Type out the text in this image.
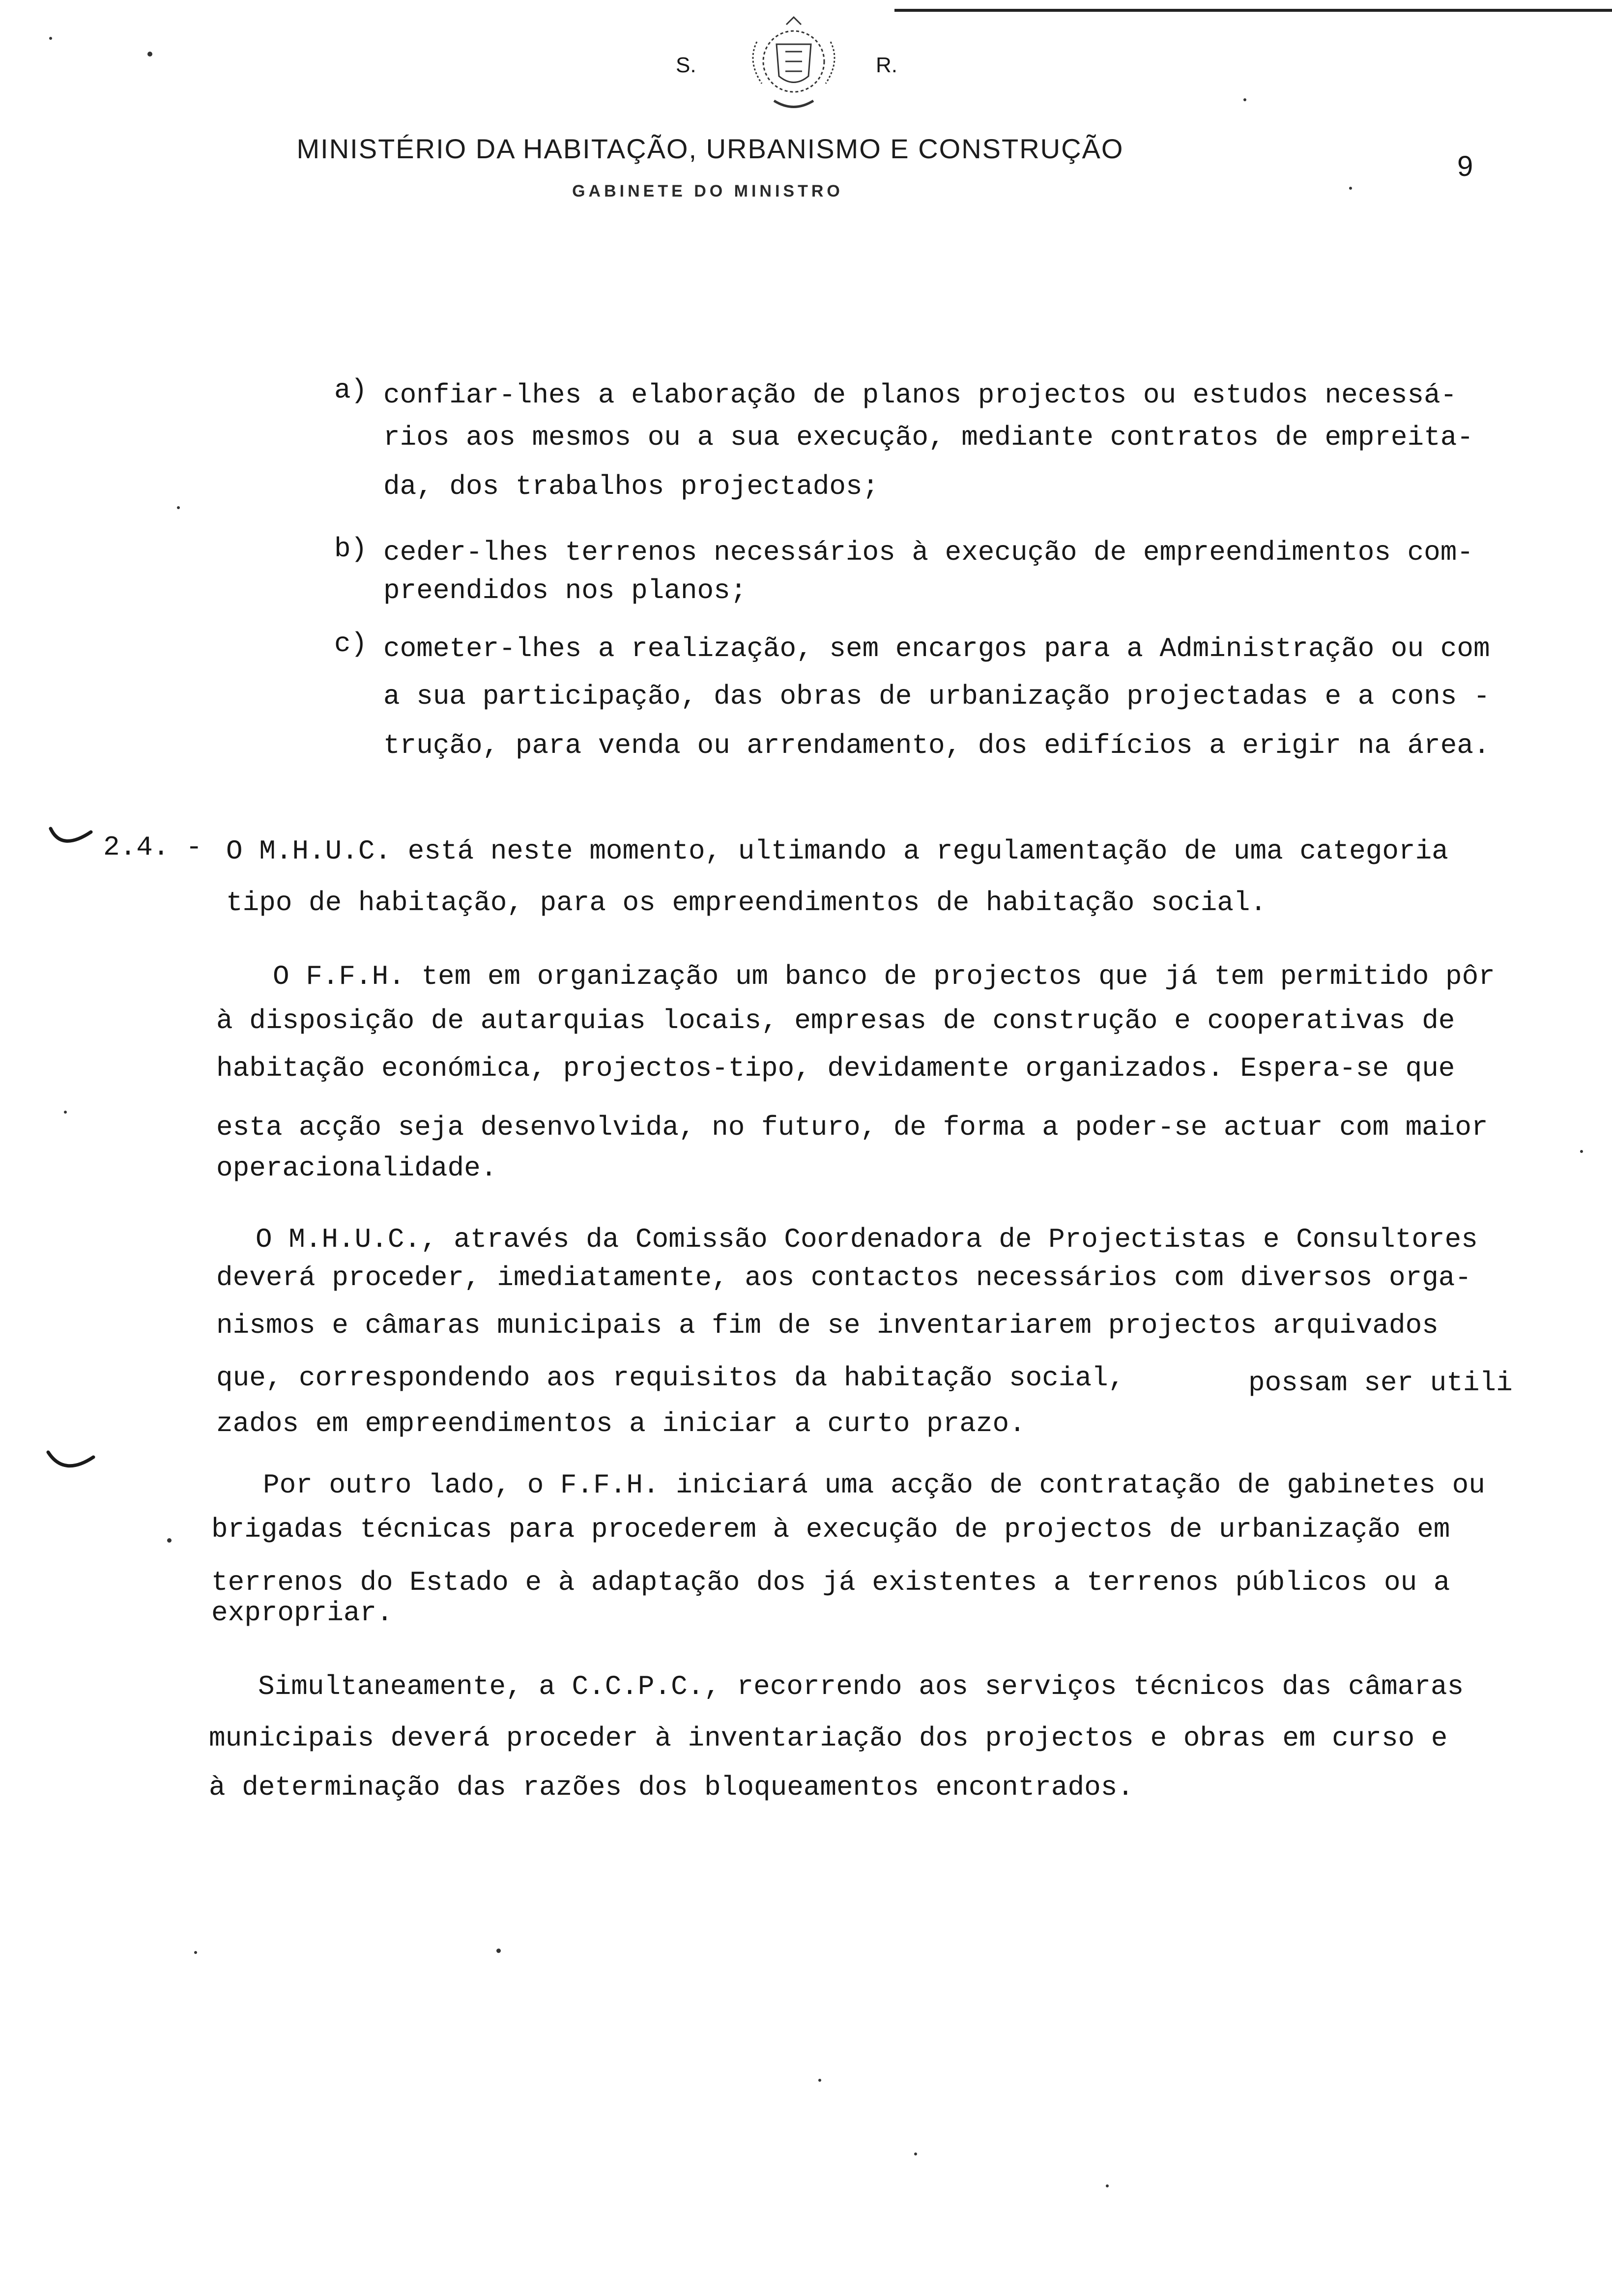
S.	R.
MINISTÉRIO DA HABITAÇÃO, URBANISMO E CONSTRUÇÃO
GABINETE DO MINISTRO
9
a) confiar-lhes a elaboração de planos projectos ou estudos necessá-
rios aos mesmos ou a sua execução, mediante contratos de empreita-
da, dos trabalhos projectados;
b) ceder-lhes terrenos necessários à execução de empreendimentos com-
preendidos nos planos;
c) cometer-lhes a realização, sem encargos para a Administração ou com
a sua participação, das obras de urbanização projectadas e a cons -
trução, para venda ou arrendamento, dos edifícios a erigir na área.
2.4. - O M.H.U.C. está neste momento, ultimando a regulamentação de uma categoria
tipo de habitação, para os empreendimentos de habitação social.
O F.F.H. tem em organização um banco de projectos que já tem permitido pôr
à disposição de autarquias locais, empresas de construção e cooperativas de
habitação económica, projectos-tipo, devidamente organizados. Espera-se que
esta acção seja desenvolvida, no futuro, de forma a poder-se actuar com maior
operacionalidade.
O M.H.U.C., através da Comissão Coordenadora de Projectistas e Consultores
deverá proceder, imediatamente, aos contactos necessários com diversos orga-
nismos e câmaras municipais a fim de se inventariarem projectos arquivados
que, correspondendo aos requisitos da habitação social,	possam ser utili
zados em empreendimentos a iniciar a curto prazo.
Por outro lado, o F.F.H. iniciará uma acção de contratação de gabinetes ou
brigadas técnicas para procederem à execução de projectos de urbanização em
terrenos do Estado e à adaptação dos já existentes a terrenos públicos ou a
expropriar.
Simultaneamente, a C.C.P.C., recorrendo aos serviços técnicos das câmaras
municipais deverá proceder à inventariação dos projectos e obras em curso e
à determinação das razões dos bloqueamentos encontrados.
